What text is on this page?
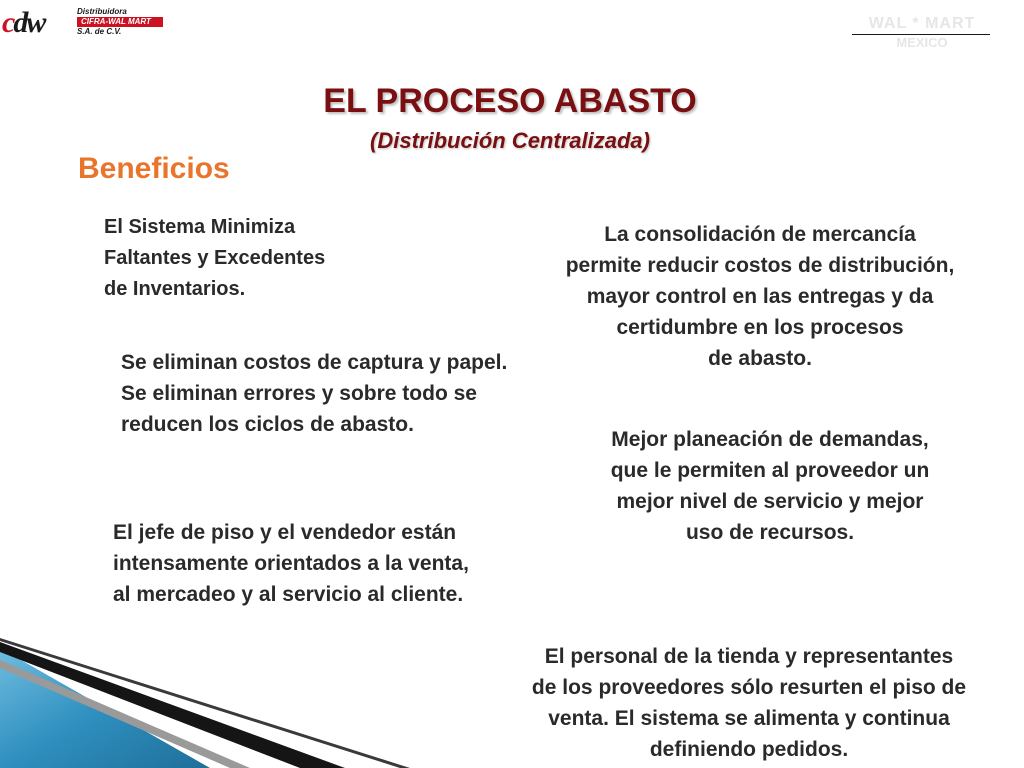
cdw	Distribuidora
CIFRA-WAL MART
S.A. de C.V.	WAL * MART
MEXICO
EL PROCESO ABASTO
(Distribución Centralizada)
Beneficios
El Sistema Minimiza
Faltantes y Excedentes
de Inventarios.
La consolidación de mercancía
permite reducir costos de distribución,
mayor control en las entregas y da
certidumbre en los procesos
de abasto.
Se eliminan costos de captura y papel.
Se eliminan errores y sobre todo se
reducen los ciclos de abasto.
Mejor planeación de demandas,
que le permiten al proveedor un
mejor nivel de servicio y mejor
uso de recursos.
El jefe de piso y el vendedor están
intensamente orientados a la venta,
al mercadeo y al servicio al cliente.
El personal de la tienda y representantes
de los proveedores sólo resurten el piso de
venta. El sistema se alimenta y continua
definiendo pedidos.
